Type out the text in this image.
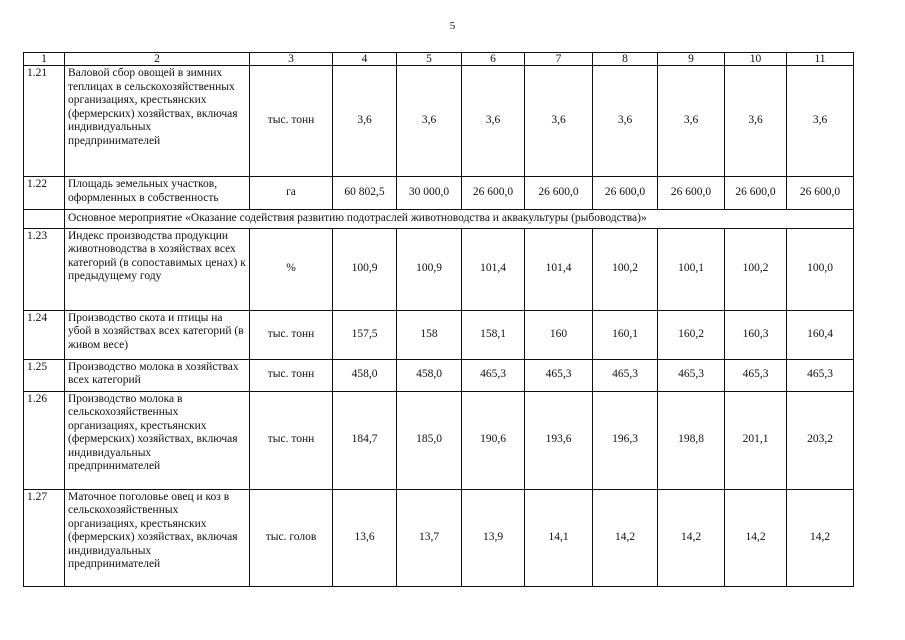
5
1	2	3	4	5	6	7	8	9	10	11
1.21	Валовой сбор овощей в зимних теплицах в сельскохозяйственных организациях, крестьянских (фермерских) хозяйствах, включая индивидуальных предпринимателей	тыс. тонн	3,6	3,6	3,6	3,6	3,6	3,6	3,6	3,6
1.22	Площадь земельных участков, оформленных в собственность	га	60 802,5	30 000,0	26 600,0	26 600,0	26 600,0	26 600,0	26 600,0	26 600,0
	Основное мероприятие «Оказание содействия развитию подотраслей животноводства и аквакультуры (рыбоводства)»									
1.23	Индекс производства продукции животноводства в хозяйствах всех категорий (в сопоставимых ценах) к предыдущему году	%	100,9	100,9	101,4	101,4	100,2	100,1	100,2	100,0
1.24	Производство скота и птицы на убой в хозяйствах всех категорий (в живом весе)	тыс. тонн	157,5	158	158,1	160	160,1	160,2	160,3	160,4
1.25	Производство молока в хозяйствах всех категорий	тыс. тонн	458,0	458,0	465,3	465,3	465,3	465,3	465,3	465,3
1.26	Производство молока в сельскохозяйственных организациях, крестьянских (фермерских) хозяйствах, включая индивидуальных предпринимателей	тыс. тонн	184,7	185,0	190,6	193,6	196,3	198,8	201,1	203,2
1.27	Маточное поголовье овец и коз в сельскохозяйственных организациях, крестьянских (фермерских) хозяйствах, включая индивидуальных предпринимателей	тыс. голов	13,6	13,7	13,9	14,1	14,2	14,2	14,2	14,2
